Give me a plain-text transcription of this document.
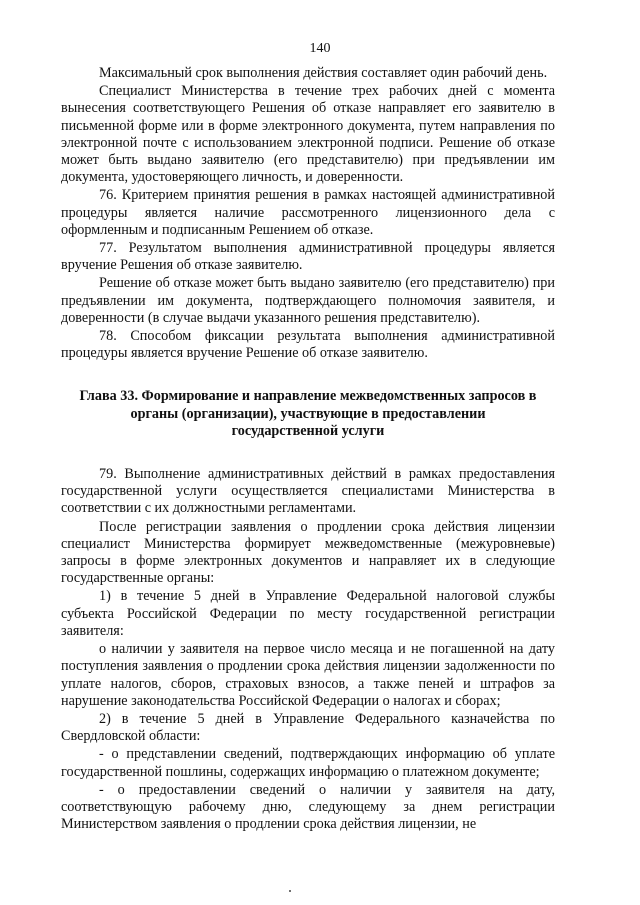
140

Максимальный срок выполнения действия составляет один рабочий день.

Специалист Министерства в течение трех рабочих дней с момента вынесения соответствующего Решения об отказе направляет его заявителю в письменной форме или в форме электронного документа, путем направления по электронной почте с использованием электронной подписи. Решение об отказе может быть выдано заявителю (его представителю) при предъявлении им документа, удостоверяющего личность, и доверенности.

76. Критерием принятия решения в рамках настоящей административной процедуры является наличие рассмотренного лицензионного дела с оформленным и подписанным Решением об отказе.

77. Результатом выполнения административной процедуры является вручение Решения об отказе заявителю.

Решение об отказе может быть выдано заявителю (его представителю) при предъявлении им документа, подтверждающего полномочия заявителя, и доверенности (в случае выдачи указанного решения представителю).

78. Способом фиксации результата выполнения административной процедуры является вручение Решение об отказе заявителю.

Глава 33. Формирование и направление межведомственных запросов в органы (организации), участвующие в предоставлении государственной услуги

79. Выполнение административных действий в рамках предоставления государственной услуги осуществляется специалистами Министерства в соответствии с их должностными регламентами.

После регистрации заявления о продлении срока действия лицензии специалист Министерства формирует межведомственные (межуровневые) запросы в форме электронных документов и направляет их в следующие государственные органы:

1) в течение 5 дней в Управление Федеральной налоговой службы субъекта Российской Федерации по месту государственной регистрации заявителя:

о наличии у заявителя на первое число месяца и не погашенной на дату поступления заявления о продлении срока действия лицензии задолженности по уплате налогов, сборов, страховых взносов, а также пеней и штрафов за нарушение законодательства Российской Федерации о налогах и сборах;

2) в течение 5 дней в Управление Федерального казначейства по Свердловской области:

- о представлении сведений, подтверждающих информацию об уплате государственной пошлины, содержащих информацию о платежном документе;

- о предоставлении сведений о наличии у заявителя на дату, соответствующую рабочему дню, следующему за днем регистрации Министерством заявления о продлении срока действия лицензии, не
